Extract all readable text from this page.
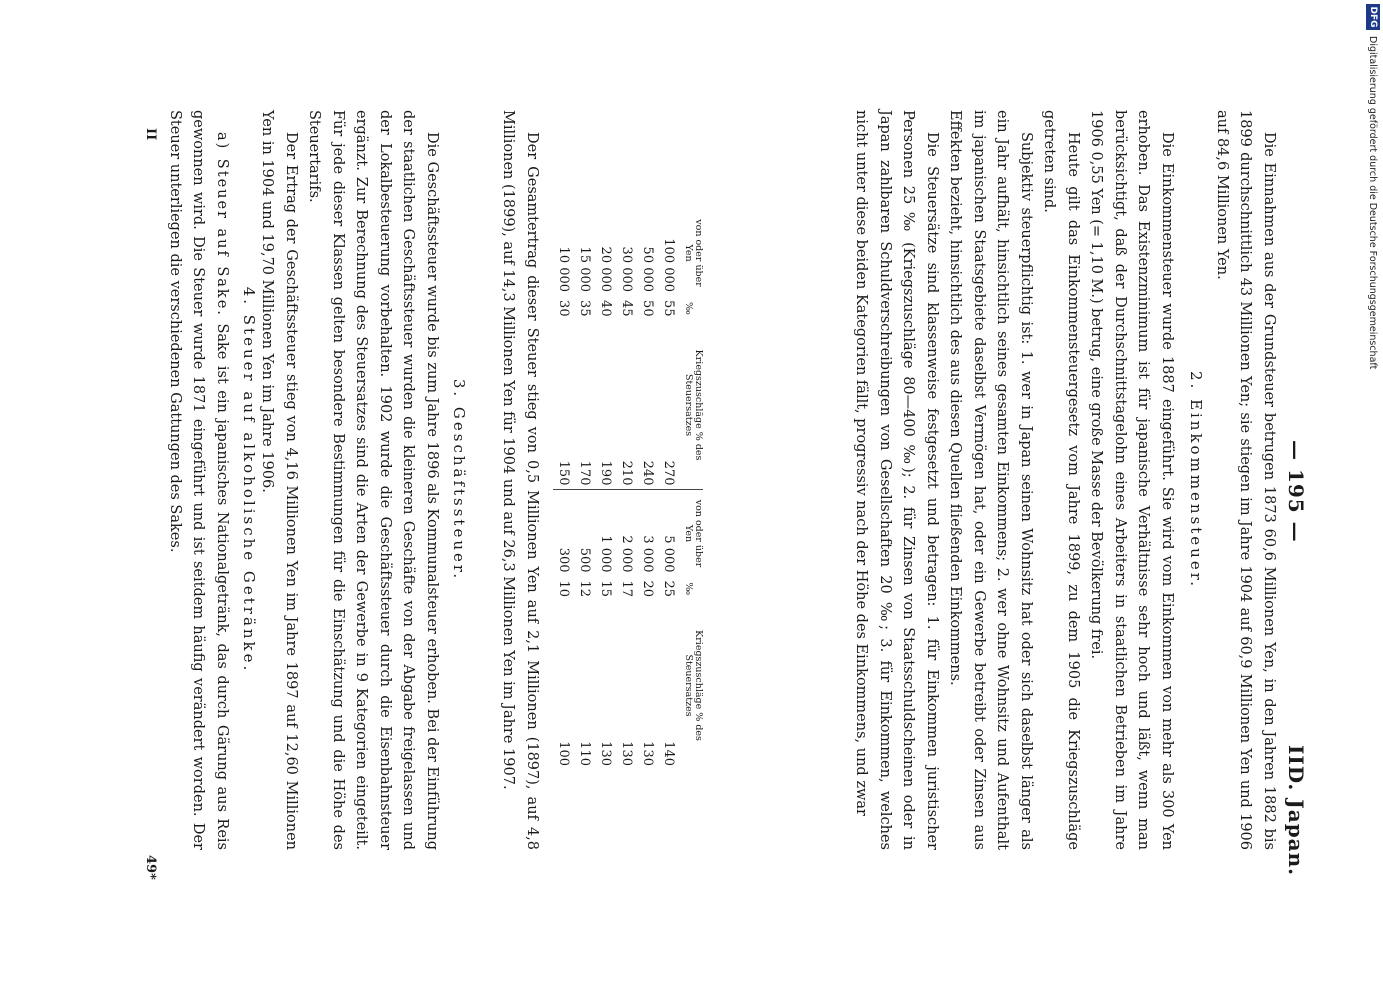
— 195 —
IID. Japan.

Die Einnahmen aus der Grundsteuer betrugen 1873 60,6 Millionen Yen, in den Jahren 1882 bis 1899 durchschnittlich 43 Millionen Yen; sie stiegen im Jahre 1904 auf 60,9 Millionen Yen und 1906 auf 84,6 Millionen Yen.

2. Einkommensteuer.

Die Einkommensteuer wurde 1887 eingeführt. Sie wird vom Einkommen von mehr als 300 Yen erhoben. Das Existenzminimum ist für japanische Verhältnisse sehr hoch und läßt, wenn man berücksichtigt, daß der Durchschnittstagelohn eines Arbeiters in staatlichen Betrieben im Jahre 1906 0,55 Yen (= 1,10 M.) betrug, eine große Masse der Bevölkerung frei.

Heute gilt das Einkommensteuergesetz vom Jahre 1899, zu dem 1905 die Kriegszuschläge getreten sind.

Subjektiv steuerpflichtig ist: 1. wer in Japan seinen Wohnsitz hat oder sich daselbst länger als ein Jahr aufhält, hinsichtlich seines gesamten Einkommens; 2. wer ohne Wohnsitz und Aufenthalt im japanischen Staatsgebiete daselbst Vermögen hat, oder ein Gewerbe betreibt oder Zinsen aus Effekten bezieht, hinsichtlich des aus diesen Quellen fließenden Einkommens.

Die Steuersätze sind klassenweise festgesetzt und betragen: 1. für Einkommen juristischer Personen 25 ‰ (Kriegszuschläge 80—400 ‰); 2. für Zinsen von Staatsschuldscheinen oder in Japan zahlbaren Schuldverschreibungen von Gesellschaften 20 ‰; 3. für Einkommen, welches nicht unter diese beiden Kategorien fällt, progressiv nach der Höhe des Einkommens, und zwar

von oder über Yen	‰	Kriegszuschläge % des Steuersatzes	von oder über Yen	‰	Kriegszuschläge % des Steuersatzes
100 000	55	270	5 000	25	140
50 000	50	240	3 000	20	130
30 000	45	210	2 000	17	130
20 000	40	190	1 000	15	130
15 000	35	170	500	12	110
10 000	30	150	300	10	100

Der Gesamtertrag dieser Steuer stieg von 0,5 Millionen Yen auf 2,1 Millionen (1897), auf 4,8 Millionen (1899), auf 14,3 Millionen Yen für 1904 und auf 26,3 Millionen Yen im Jahre 1907.

3. Geschäftssteuer.

Die Geschäftssteuer wurde bis zum Jahre 1896 als Kommunalsteuer erhoben. Bei der Einführung der staatlichen Geschäftssteuer wurden die kleineren Geschäfte von der Abgabe freigelassen und der Lokalbesteuerung vorbehalten. 1902 wurde die Geschäftssteuer durch die Eisenbahnsteuer ergänzt. Zur Berechnung des Steuersatzes sind die Arten der Gewerbe in 9 Kategorien eingeteilt. Für jede dieser Klassen gelten besondere Bestimmungen für die Einschätzung und die Höhe des Steuertarifs.

Der Ertrag der Geschäftssteuer stieg von 4,16 Millionen Yen im Jahre 1897 auf 12,60 Millionen Yen in 1904 und 19,70 Millionen Yen im Jahre 1906.

4. Steuer auf alkoholische Getränke.

a) Steuer auf Sake. Sake ist ein japanisches Nationalgetränk, das durch Gärung aus Reis gewonnen wird. Die Steuer wurde 1871 eingeführt und ist seitdem häufig verändert worden. Der Steuer unterliegen die verschiedenen Gattungen des Sakes.

II
49*
DFG
Digitalisierung gefördert durch die Deutsche Forschungsgemeinschaft
